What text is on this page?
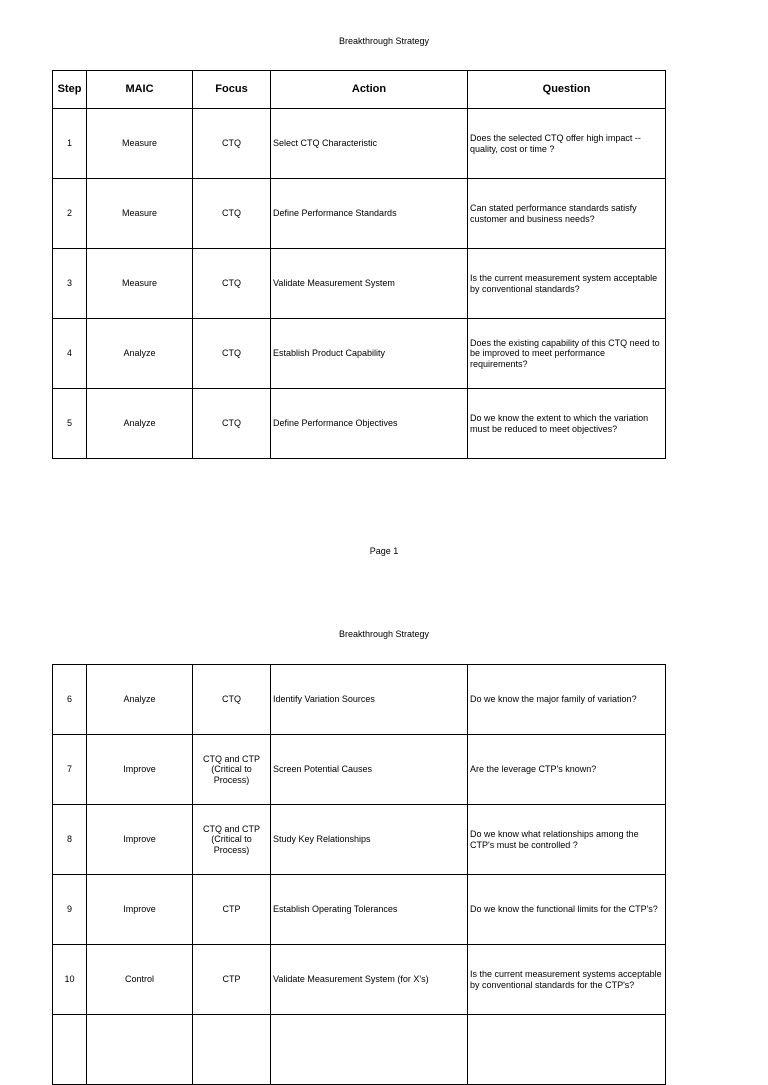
Breakthrough Strategy
Step	MAIC	Focus	Action	Question
1	Measure	CTQ	Select CTQ Characteristic	Does the selected CTQ offer high impact -- quality, cost or time ?
2	Measure	CTQ	Define Performance Standards	Can stated performance standards satisfy customer and business needs?
3	Measure	CTQ	Validate Measurement System	Is the current measurement system acceptable by conventional standards?
4	Analyze	CTQ	Establish Product Capability	Does the existing capability of this CTQ need to be improved to meet performance requirements?
5	Analyze	CTQ	Define Performance Objectives	Do we know the extent to which the variation must be reduced to meet objectives?
Page 1
Breakthrough Strategy
6	Analyze	CTQ	Identify Variation Sources	Do we know the major family of variation?
7	Improve	CTQ and CTP (Critical to Process)	Screen Potential Causes	Are the leverage CTP's known?
8	Improve	CTQ and CTP (Critical to Process)	Study Key Relationships	Do we know what relationships among the CTP's must be controlled ?
9	Improve	CTP	Establish Operating Tolerances	Do we know the functional limits for the CTP's?
10	Control	CTP	Validate Measurement System (for X's)	Is the current measurement systems acceptable by conventional standards for the CTP's?
